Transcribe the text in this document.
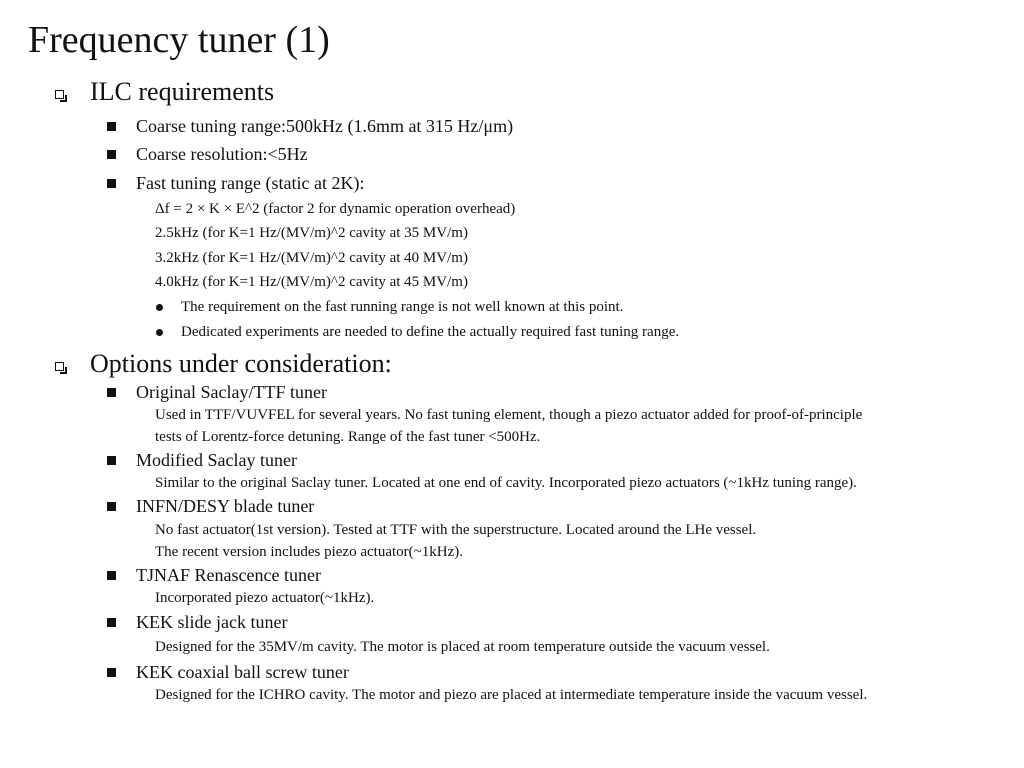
Frequency tuner (1)
ILC requirements
Coarse tuning range:500kHz (1.6mm at 315 Hz/μm)
Coarse resolution:<5Hz
Fast tuning range (static at 2K):
Δf = 2 × K × E^2 (factor 2 for dynamic operation overhead)
2.5kHz (for K=1 Hz/(MV/m)^2 cavity at 35 MV/m)
3.2kHz (for K=1 Hz/(MV/m)^2 cavity at 40 MV/m)
4.0kHz (for K=1 Hz/(MV/m)^2 cavity at 45 MV/m)
The requirement on the fast running range is not well known at this point.
Dedicated experiments are needed to define the actually required fast tuning range.
Options under consideration:
Original Saclay/TTF tuner
Used in TTF/VUVFEL for several years. No fast tuning element, though a piezo actuator added for proof-of-principle
tests of Lorentz-force detuning. Range of the fast tuner <500Hz.
Modified Saclay tuner
Similar to the original Saclay tuner. Located at one end of cavity. Incorporated piezo actuators (~1kHz tuning range).
INFN/DESY blade tuner
No fast actuator(1st version). Tested at TTF with the superstructure. Located around the LHe vessel.
The recent version includes piezo actuator(~1kHz).
TJNAF Renascence tuner
Incorporated piezo actuator(~1kHz).
KEK slide jack tuner
Designed for the 35MV/m cavity. The motor is placed at room temperature outside the vacuum vessel.
KEK coaxial ball screw tuner
Designed for the ICHRO cavity. The motor and piezo are placed at intermediate temperature inside the vacuum vessel.
